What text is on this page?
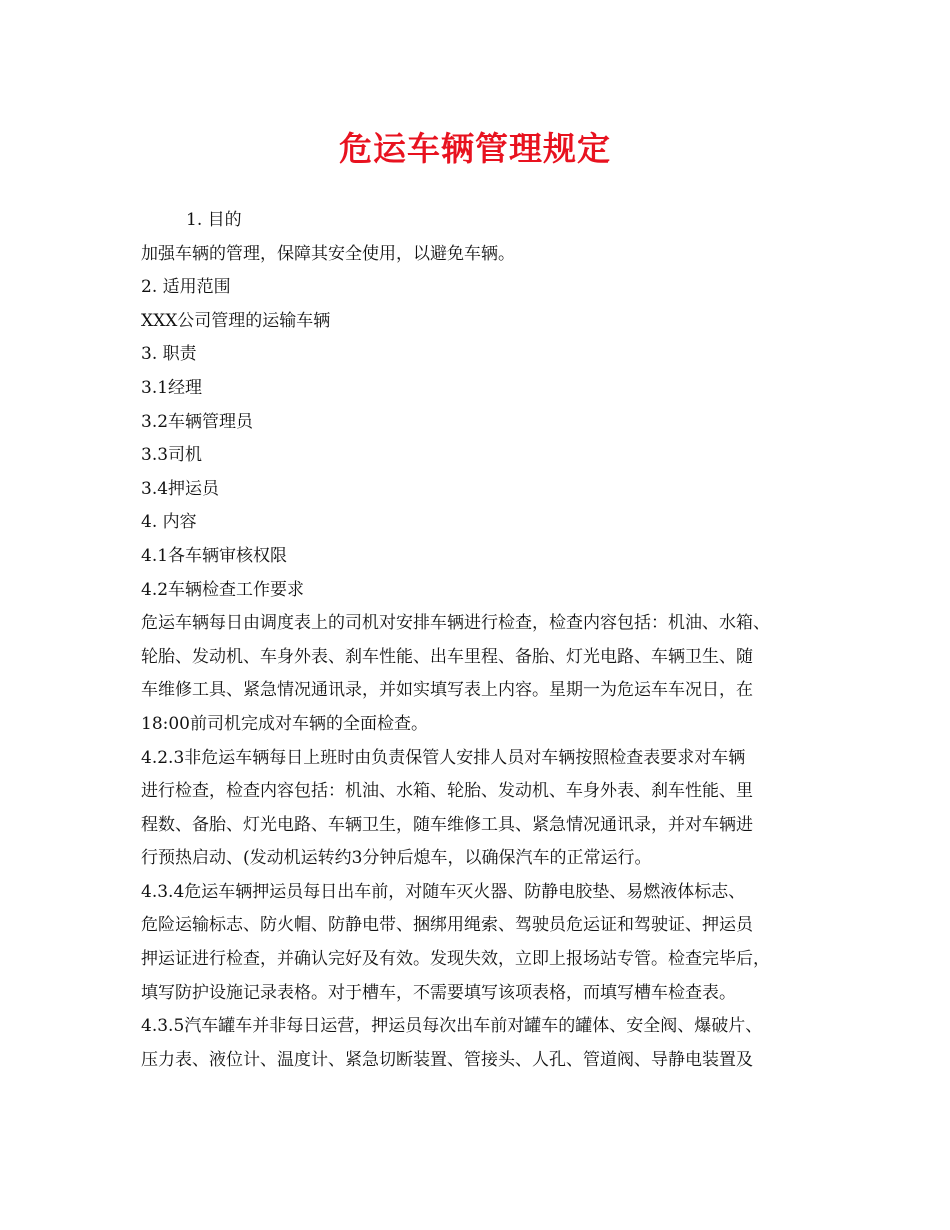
危运车辆管理规定

1. 目的

加强车辆的管理，保障其安全使用，以避免车辆。

2. 适用范围

XXX公司管理的运输车辆

3. 职责

3.1经理

3.2车辆管理员

3.3司机

3.4押运员

4. 内容

4.1各车辆审核权限

4.2车辆检查工作要求

危运车辆每日由调度表上的司机对安排车辆进行检查，检查内容包括：机油、水箱、

轮胎、发动机、车身外表、刹车性能、出车里程、备胎、灯光电路、车辆卫生、随

车维修工具、紧急情况通讯录，并如实填写表上内容。星期一为危运车车况日，在

18:00前司机完成对车辆的全面检查。

4.2.3非危运车辆每日上班时由负责保管人安排人员对车辆按照检查表要求对车辆

进行检查，检查内容包括：机油、水箱、轮胎、发动机、车身外表、刹车性能、里

程数、备胎、灯光电路、车辆卫生，随车维修工具、紧急情况通讯录，并对车辆进

行预热启动、(发动机运转约3分钟后熄车，以确保汽车的正常运行。

4.3.4危运车辆押运员每日出车前，对随车灭火器、防静电胶垫、易燃液体标志、

危险运输标志、防火帽、防静电带、捆绑用绳索、驾驶员危运证和驾驶证、押运员

押运证进行检查，并确认完好及有效。发现失效，立即上报场站专管。检查完毕后，

填写防护设施记录表格。对于槽车，不需要填写该项表格，而填写槽车检查表。

4.3.5汽车罐车并非每日运营，押运员每次出车前对罐车的罐体、安全阀、爆破片、

压力表、液位计、温度计、紧急切断装置、管接头、人孔、管道阀、导静电装置及
